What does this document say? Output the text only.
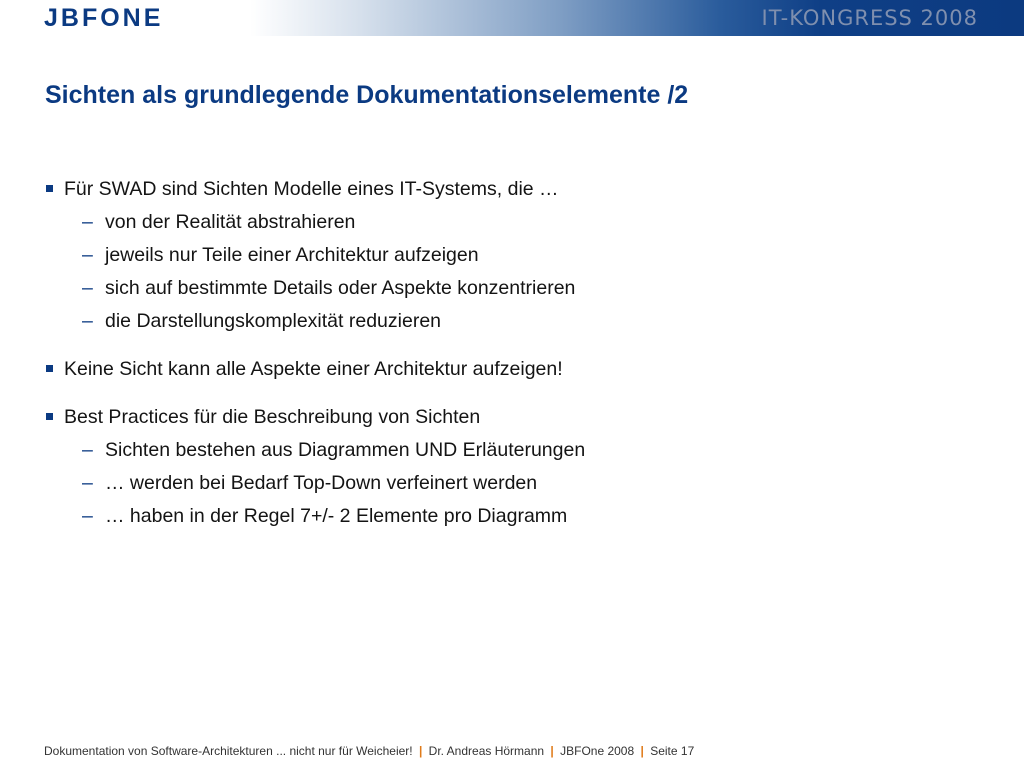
JBFONE	IT-KONGRESS 2008
Sichten als grundlegende Dokumentationselemente /2
Für SWAD sind Sichten Modelle eines IT-Systems, die …
– von der Realität abstrahieren
– jeweils nur Teile einer Architektur aufzeigen
– sich auf bestimmte Details oder Aspekte konzentrieren
– die Darstellungskomplexität reduzieren
Keine Sicht kann alle Aspekte einer Architektur aufzeigen!
Best Practices für die Beschreibung von Sichten
– Sichten bestehen aus Diagrammen UND Erläuterungen
– … werden bei Bedarf Top-Down verfeinert werden
– … haben in der Regel 7+/- 2 Elemente pro Diagramm
Dokumentation von Software-Architekturen ... nicht nur für Weicheier! | Dr. Andreas Hörmann | JBFOne 2008 | Seite 17
